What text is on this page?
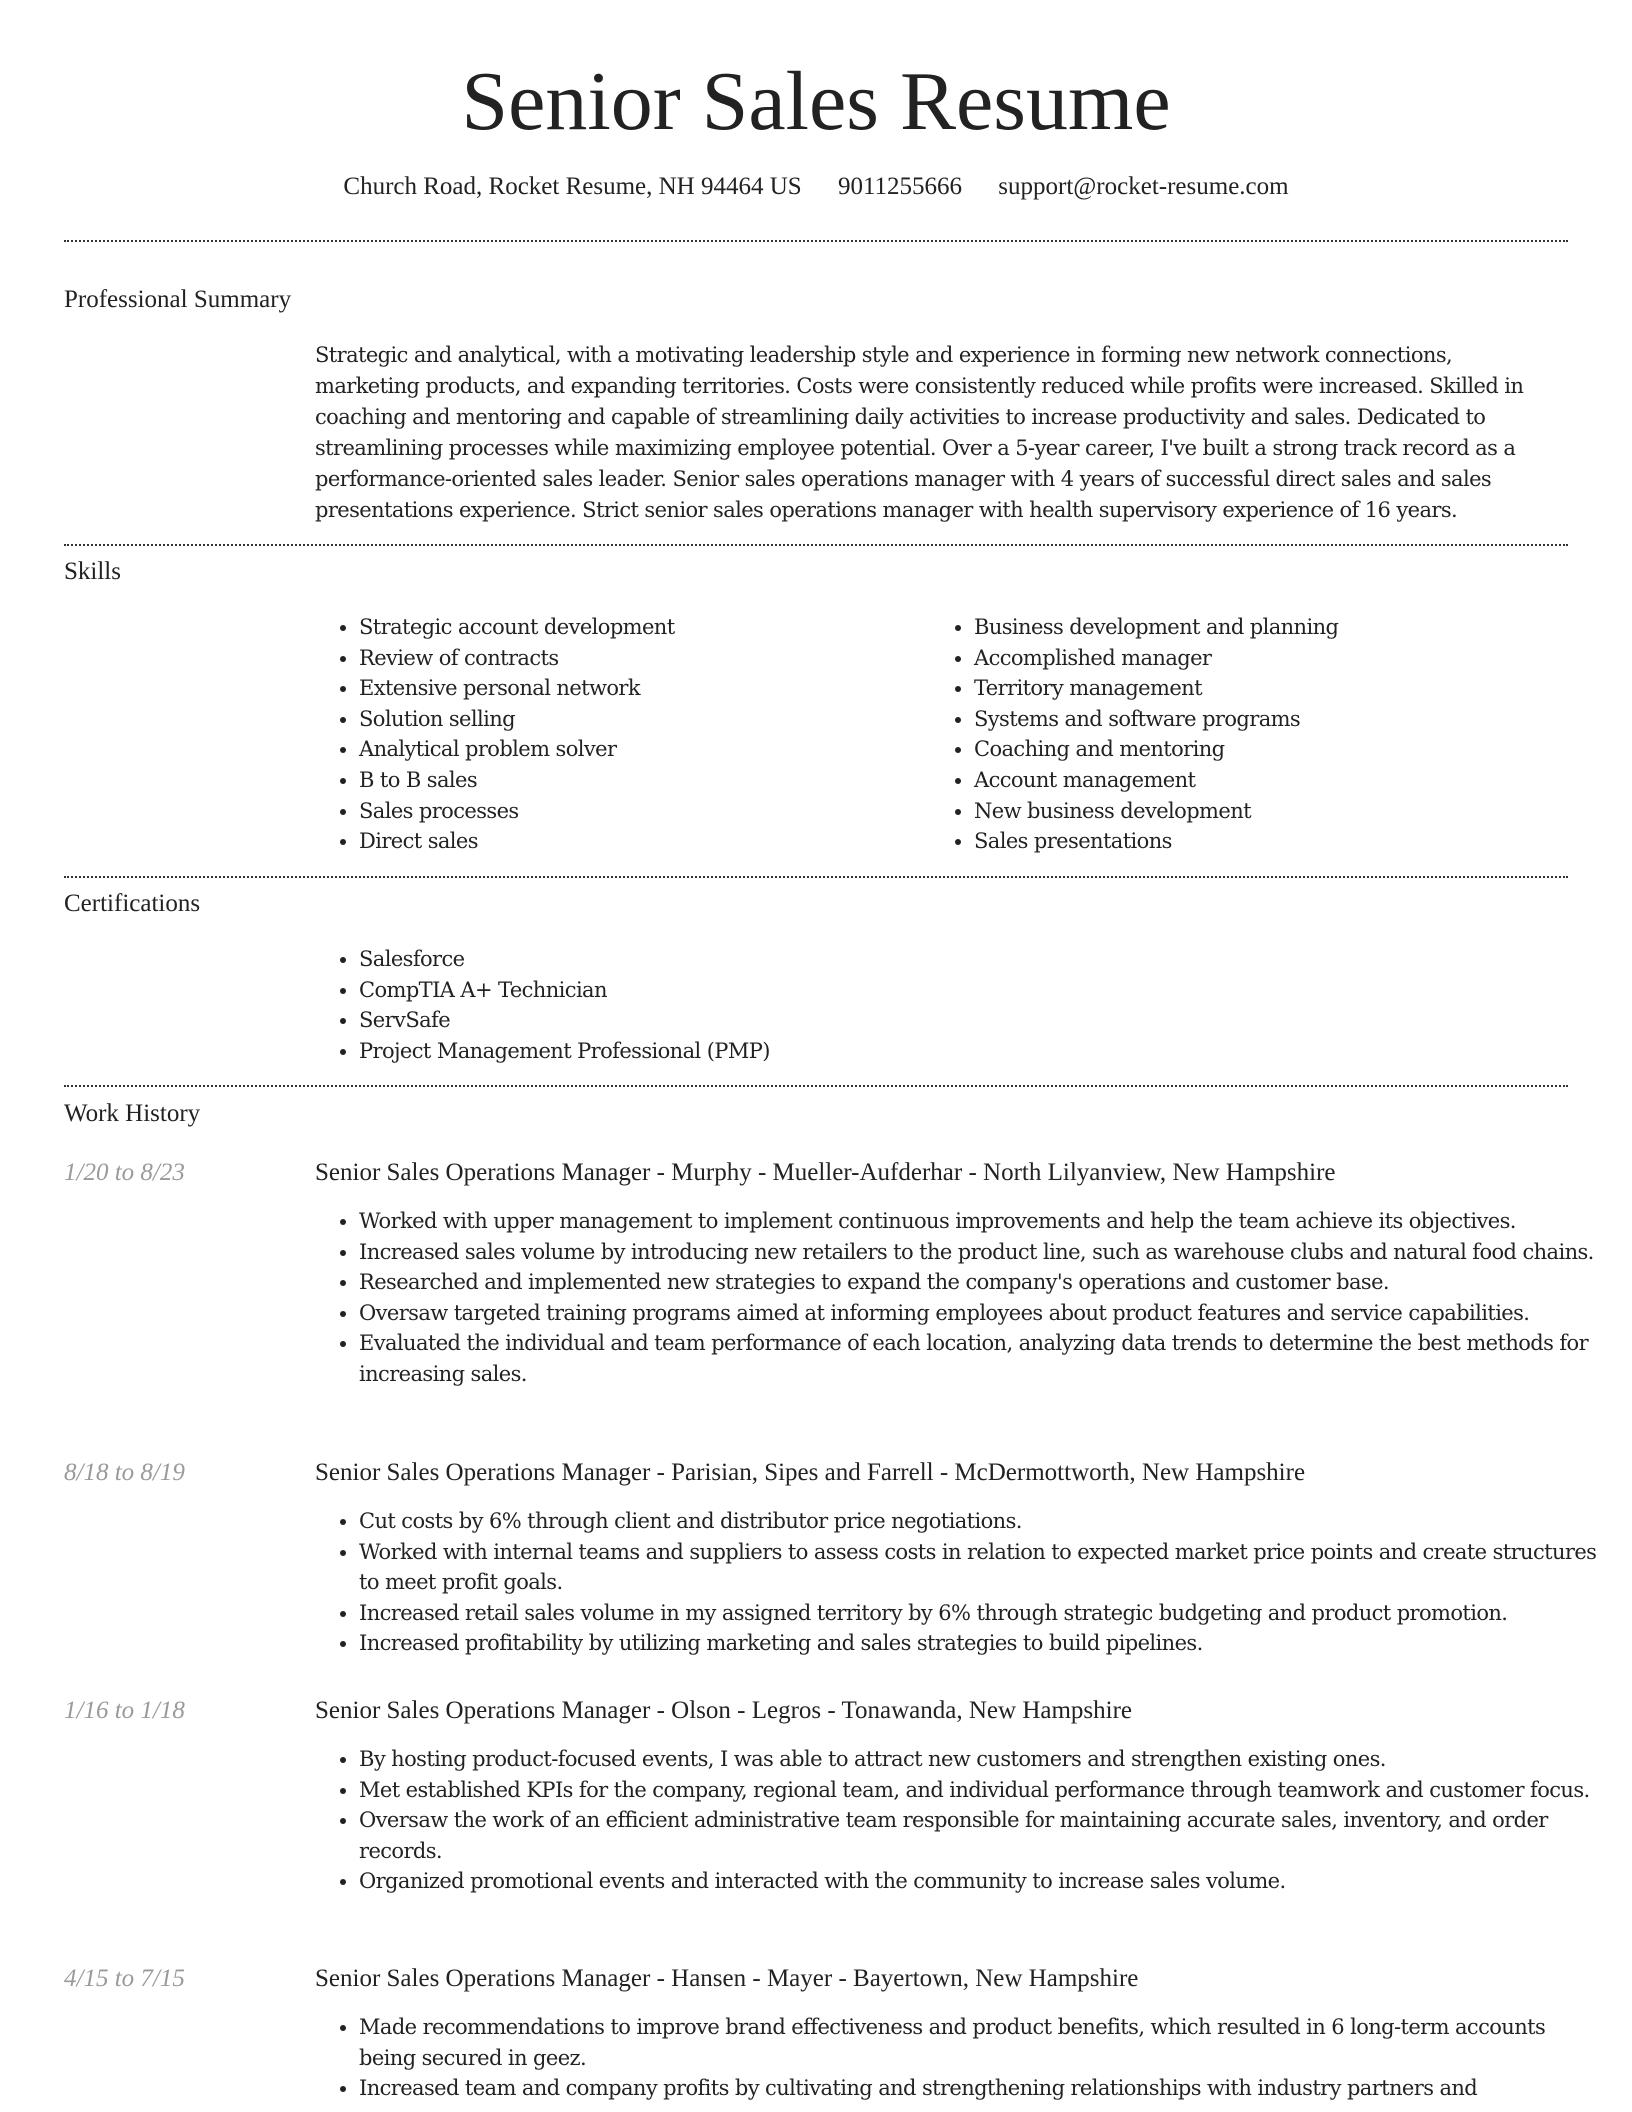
Senior Sales Resume
Church Road, Rocket Resume, NH 94464 US 9011255666 support@rocket-resume.com
Professional Summary

Strategic and analytical, with a motivating leadership style and experience in forming new network connections, marketing products, and expanding territories. Costs were consistently reduced while profits were increased. Skilled in coaching and mentoring and capable of streamlining daily activities to increase productivity and sales. Dedicated to streamlining processes while maximizing employee potential. Over a 5-year career, I've built a strong track record as a performance-oriented sales leader. Senior sales operations manager with 4 years of successful direct sales and sales presentations experience. Strict senior sales operations manager with health supervisory experience of 16 years.

Skills
• Strategic account development
• Review of contracts
• Extensive personal network
• Solution selling
• Analytical problem solver
• B to B sales
• Sales processes
• Direct sales
• Business development and planning
• Accomplished manager
• Territory management
• Systems and software programs
• Coaching and mentoring
• Account management
• New business development
• Sales presentations
Certifications
• Salesforce
• CompTIA A+ Technician
• ServSafe
• Project Management Professional (PMP)
Work History
1/20 to 8/23	Senior Sales Operations Manager - Murphy - Mueller-Aufderhar - North Lilyanview, New Hampshire
• Worked with upper management to implement continuous improvements and help the team achieve its objectives.
• Increased sales volume by introducing new retailers to the product line, such as warehouse clubs and natural food chains.
• Researched and implemented new strategies to expand the company's operations and customer base.
• Oversaw targeted training programs aimed at informing employees about product features and service capabilities.
• Evaluated the individual and team performance of each location, analyzing data trends to determine the best methods for increasing sales.
8/18 to 8/19	Senior Sales Operations Manager - Parisian, Sipes and Farrell - McDermottworth, New Hampshire
• Cut costs by 6% through client and distributor price negotiations.
• Worked with internal teams and suppliers to assess costs in relation to expected market price points and create structures to meet profit goals.
• Increased retail sales volume in my assigned territory by 6% through strategic budgeting and product promotion.
• Increased profitability by utilizing marketing and sales strategies to build pipelines.
1/16 to 1/18	Senior Sales Operations Manager - Olson - Legros - Tonawanda, New Hampshire
• By hosting product-focused events, I was able to attract new customers and strengthen existing ones.
• Met established KPIs for the company, regional team, and individual performance through teamwork and customer focus.
• Oversaw the work of an efficient administrative team responsible for maintaining accurate sales, inventory, and order records.
• Organized promotional events and interacted with the community to increase sales volume.
4/15 to 7/15	Senior Sales Operations Manager - Hansen - Mayer - Bayertown, New Hampshire
• Made recommendations to improve brand effectiveness and product benefits, which resulted in 6 long-term accounts being secured in geez.
• Increased team and company profits by cultivating and strengthening relationships with industry partners and
